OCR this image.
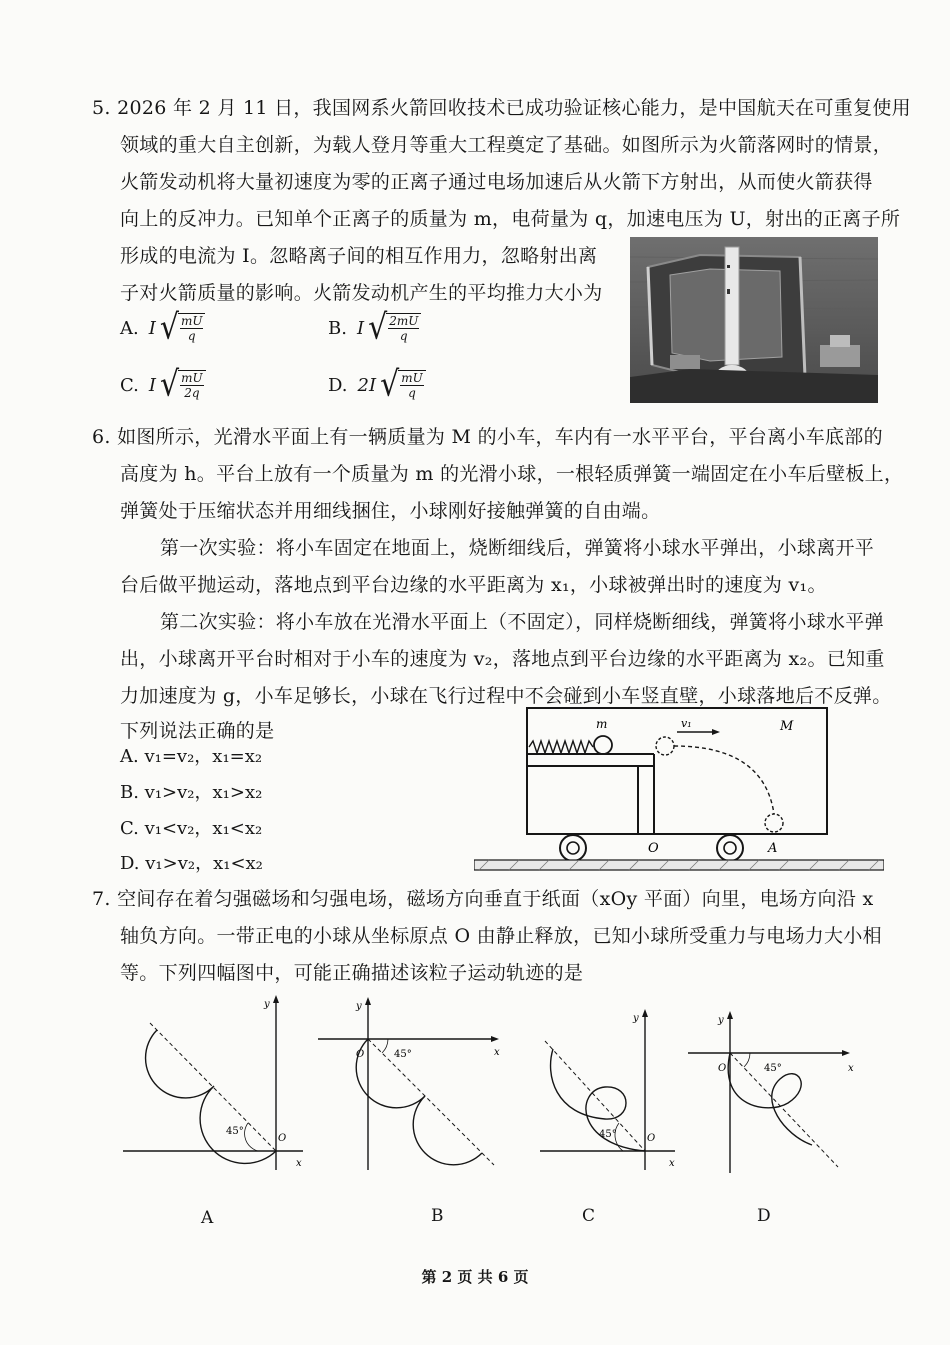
5. 2026 年 2 月 11 日，我国网系火箭回收技术已成功验证核心能力，是中国航天在可重复使用
领域的重大自主创新，为载人登月等重大工程奠定了基础。如图所示为火箭落网时的情景，
火箭发动机将大量初速度为零的正离子通过电场加速后从火箭下方射出，从而使火箭获得
向上的反冲力。已知单个正离子的质量为 m，电荷量为 q，加速电压为 U，射出的正离子所
形成的电流为 I。忽略离子间的相互作用力，忽略射出离
子对火箭质量的影响。火箭发动机产生的平均推力大小为
A. I √ $\frac{mU}{q}$	B. I √ $\frac{2mU}{q}$
C. I √ $\frac{mU}{2q}$	D. 2I √ $\frac{mU}{q}$
6. 如图所示，光滑水平面上有一辆质量为 M 的小车，车内有一水平平台，平台离小车底部的
高度为 h。平台上放有一个质量为 m 的光滑小球，一根轻质弹簧一端固定在小车后壁板上，
弹簧处于压缩状态并用细线捆住，小球刚好接触弹簧的自由端。
第一次实验：将小车固定在地面上，烧断细线后，弹簧将小球水平弹出，小球离开平
台后做平抛运动，落地点到平台边缘的水平距离为 x₁，小球被弹出时的速度为 v₁。
第二次实验：将小车放在光滑水平面上（不固定），同样烧断细线，弹簧将小球水平弹
出，小球离开平台时相对于小车的速度为 v₂，落地点到平台边缘的水平距离为 x₂。已知重
力加速度为 g，小车足够长，小球在飞行过程中不会碰到小车竖直壁，小球落地后不反弹。
下列说法正确的是
A. v₁=v₂，x₁=x₂
B. v₁>v₂，x₁>x₂
C. v₁<v₂，x₁<x₂
D. v₁>v₂，x₁<x₂
m	v₁	M
O	A
7. 空间存在着匀强磁场和匀强电场，磁场方向垂直于纸面（xOy 平面）向里，电场方向沿 x
轴负方向。一带正电的小球从坐标原点 O 由静止释放，已知小球所受重力与电场力大小相
等。下列四幅图中，可能正确描述该粒子运动轨迹的是
y
x
O
45°
A
y
x
O	45°
B
y
x
O
45°
C
y
x
O	45°
D
第 2 页 共 6 页
